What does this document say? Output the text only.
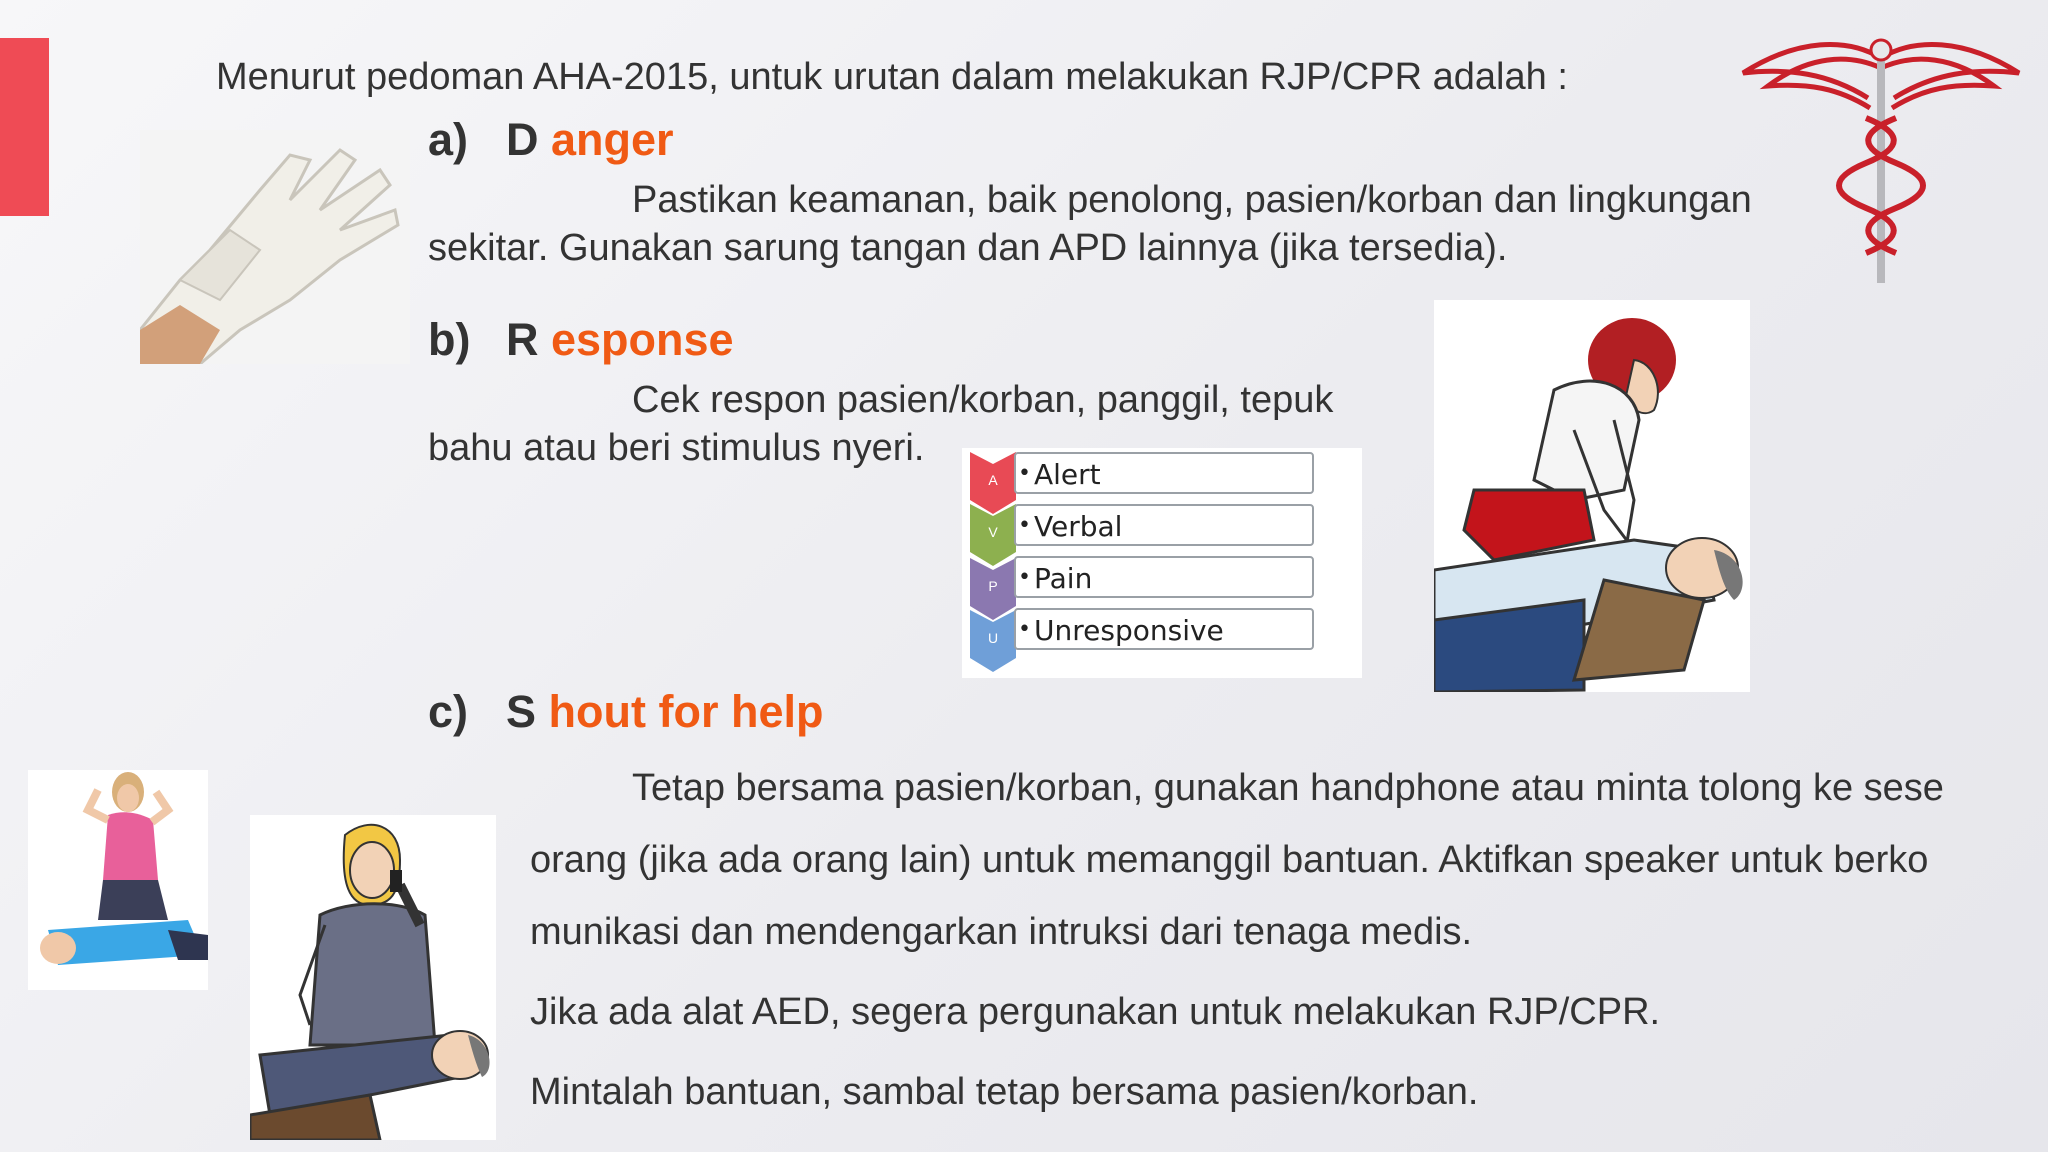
Menurut pedoman AHA-2015, untuk urutan dalam melakukan RJP/CPR adalah :
a) D anger
Pastikan keamanan, baik penolong, pasien/korban dan lingkungan
sekitar. Gunakan sarung tangan dan APD lainnya (jika tersedia).
b) R esponse
Cek respon pasien/korban, panggil, tepuk
bahu atau beri stimulus nyeri.
A
V
P
U
• Alert
• Verbal
• Pain
• Unresponsive
c) S hout for help
Tetap bersama pasien/korban, gunakan handphone atau minta tolong ke sese
orang (jika ada orang lain) untuk memanggil bantuan. Aktifkan speaker untuk berko
munikasi dan mendengarkan intruksi dari tenaga medis.
Jika ada alat AED, segera pergunakan untuk melakukan RJP/CPR.
Mintalah bantuan, sambal tetap bersama pasien/korban.
